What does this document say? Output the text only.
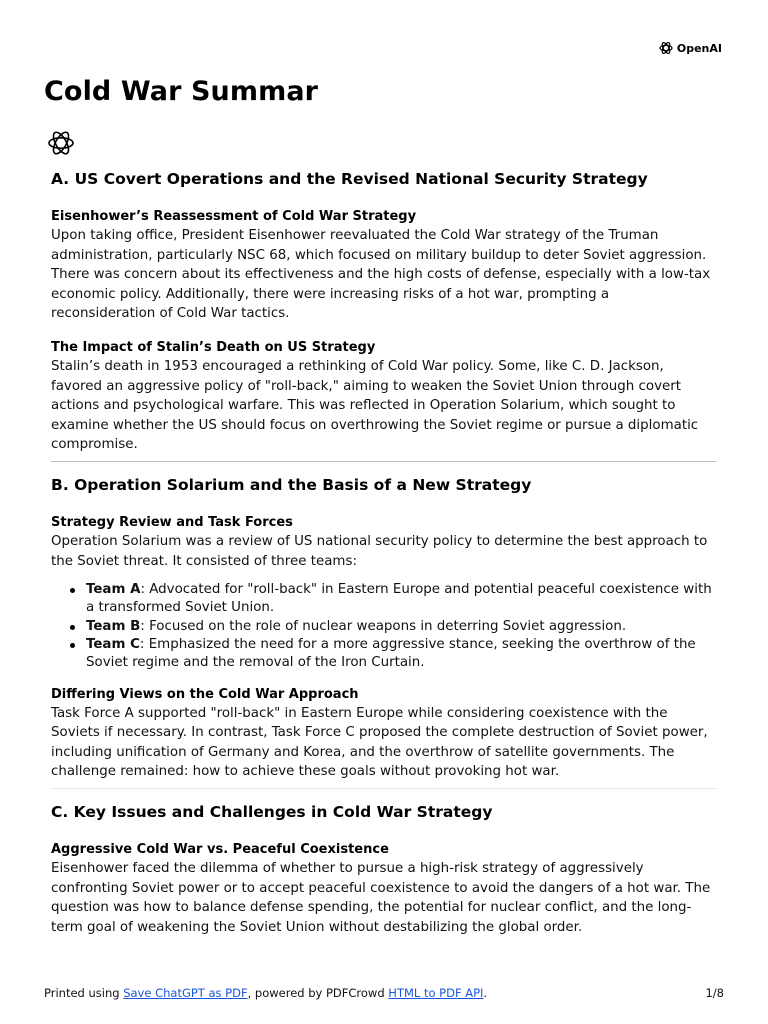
OpenAI
Cold War Summar
A. US Covert Operations and the Revised National Security Strategy
Eisenhower’s Reassessment of Cold War Strategy

Upon taking office, President Eisenhower reevaluated the Cold War strategy of the Truman administration, particularly NSC 68, which focused on military buildup to deter Soviet aggression. There was concern about its effectiveness and the high costs of defense, especially with a low-tax economic policy. Additionally, there were increasing risks of a hot war, prompting a reconsideration of Cold War tactics.

The Impact of Stalin’s Death on US Strategy

Stalin’s death in 1953 encouraged a rethinking of Cold War policy. Some, like C. D. Jackson, favored an aggressive policy of "roll-back," aiming to weaken the Soviet Union through covert actions and psychological warfare. This was reflected in Operation Solarium, which sought to examine whether the US should focus on overthrowing the Soviet regime or pursue a diplomatic compromise.

B. Operation Solarium and the Basis of a New Strategy
Strategy Review and Task Forces

Operation Solarium was a review of US national security policy to determine the best approach to the Soviet threat. It consisted of three teams:

Team A: Advocated for "roll-back" in Eastern Europe and potential peaceful coexistence with a transformed Soviet Union.
Team B: Focused on the role of nuclear weapons in deterring Soviet aggression.
Team C: Emphasized the need for a more aggressive stance, seeking the overthrow of the Soviet regime and the removal of the Iron Curtain.
Differing Views on the Cold War Approach

Task Force A supported "roll-back" in Eastern Europe while considering coexistence with the Soviets if necessary. In contrast, Task Force C proposed the complete destruction of Soviet power, including unification of Germany and Korea, and the overthrow of satellite governments. The challenge remained: how to achieve these goals without provoking hot war.

C. Key Issues and Challenges in Cold War Strategy
Aggressive Cold War vs. Peaceful Coexistence

Eisenhower faced the dilemma of whether to pursue a high-risk strategy of aggressively confronting Soviet power or to accept peaceful coexistence to avoid the dangers of a hot war. The question was how to balance defense spending, the potential for nuclear conflict, and the long-term goal of weakening the Soviet Union without destabilizing the global order.

Printed using Save ChatGPT as PDF, powered by PDFCrowd HTML to PDF API.	1/8
